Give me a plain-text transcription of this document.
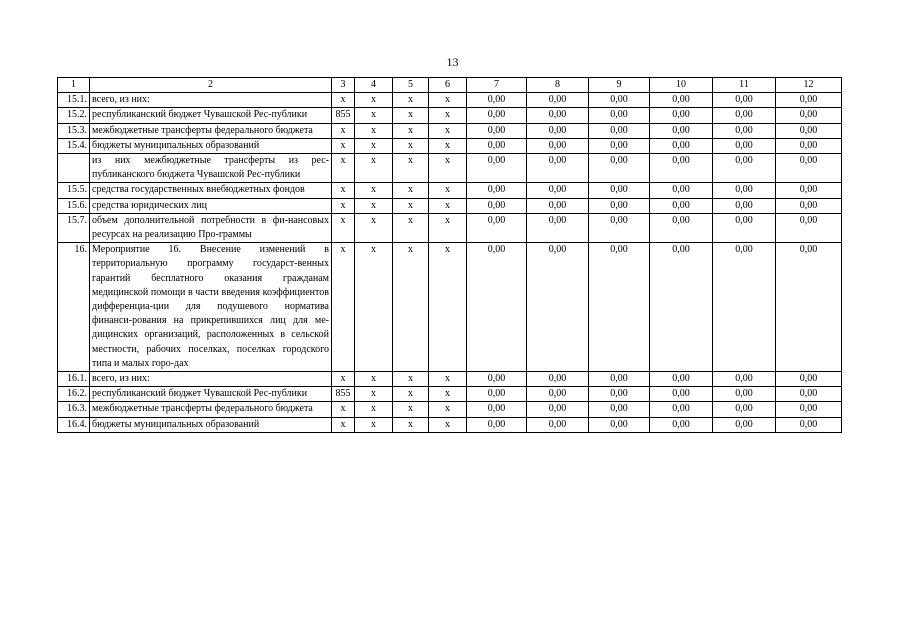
13
1	2	3	4	5	6	7	8	9	10	11	12
15.1.	всего, из них:	x	x	x	x	0,00	0,00	0,00	0,00	0,00	0,00
15.2.	республиканский бюджет Чувашской Рес-публики	855	x	x	x	0,00	0,00	0,00	0,00	0,00	0,00
15.3.	межбюджетные трансферты федерального бюджета	x	x	x	x	0,00	0,00	0,00	0,00	0,00	0,00
15.4.	бюджеты муниципальных образований	x	x	x	x	0,00	0,00	0,00	0,00	0,00	0,00
	из них межбюджетные трансферты из рес-публиканского бюджета Чувашской Рес-публики	x	x	x	x	0,00	0,00	0,00	0,00	0,00	0,00
15.5.	средства государственных внебюджетных фондов	x	x	x	x	0,00	0,00	0,00	0,00	0,00	0,00
15.6.	средства юридических лиц	x	x	x	x	0,00	0,00	0,00	0,00	0,00	0,00
15.7.	объем дополнительной потребности в фи-нансовых ресурсах на реализацию Про-граммы	x	x	x	x	0,00	0,00	0,00	0,00	0,00	0,00
16.	Мероприятие 16. Внесение изменений в территориальную программу государст-венных гарантий бесплатного оказания гражданам медицинской помощи в части введения коэффициентов дифференциа-ции для подушевого норматива финанси-рования на прикрепившихся лиц для ме-дицинских организаций, расположенных в сельской местности, рабочих поселках, поселках городского типа и малых горо-дах	x	x	x	x	0,00	0,00	0,00	0,00	0,00	0,00
16.1.	всего, из них:	x	x	x	x	0,00	0,00	0,00	0,00	0,00	0,00
16.2.	республиканский бюджет Чувашской Рес-публики	855	x	x	x	0,00	0,00	0,00	0,00	0,00	0,00
16.3.	межбюджетные трансферты федерального бюджета	x	x	x	x	0,00	0,00	0,00	0,00	0,00	0,00
16.4.	бюджеты муниципальных образований	x	x	x	x	0,00	0,00	0,00	0,00	0,00	0,00
